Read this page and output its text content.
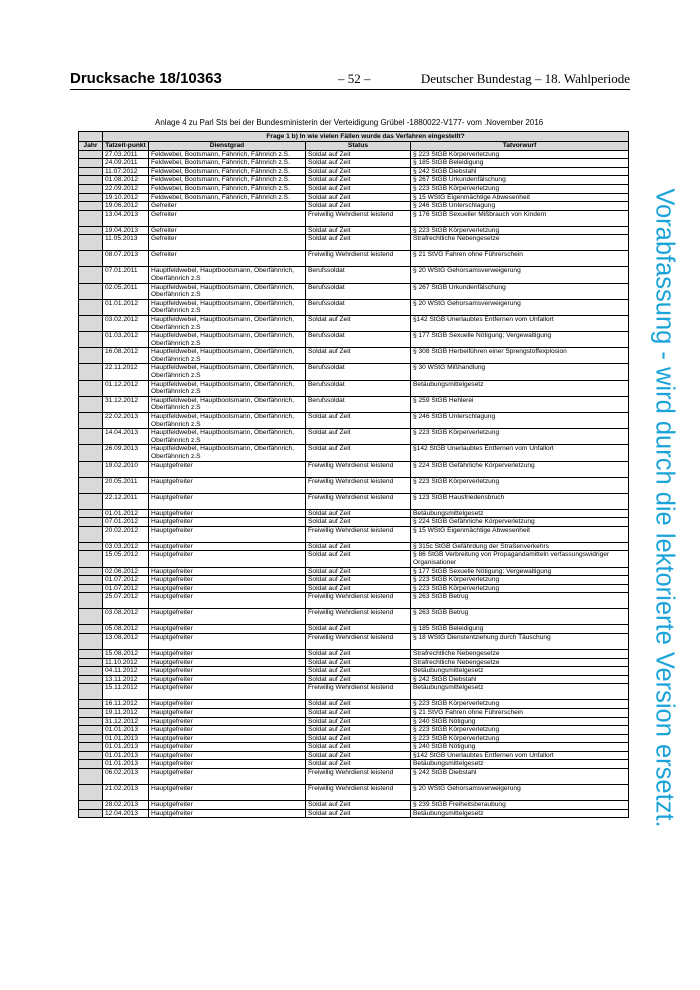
Drucksache 18/10363	– 52 –	Deutscher Bundestag – 18. Wahlperiode
Anlage 4 zu Parl Sts bei der Bundesministerin der Verteidigung Grübel -1880022-V177- vom .November 2016
	Frage 1 b) In wie vielen Fällen wurde das Verfahren eingestellt?			
Jahr	Tatzeit-punkt	Dienstgrad	Status	Tatvorwurf
	27.03.2011	Feldwebel, Bootsmann, Fähnrich, Fähnrich z.S.	Soldat auf Zeit	§ 223 StGB Körperverletzung
	24.09.2011	Feldwebel, Bootsmann, Fähnrich, Fähnrich z.S.	Soldat auf Zeit	§ 185 StGB Beleidigung
	11.07.2012	Feldwebel, Bootsmann, Fähnrich, Fähnrich z.S.	Soldat auf Zeit	§ 242 StGB Diebstahl
	01.08.2012	Feldwebel, Bootsmann, Fähnrich, Fähnrich z.S.	Soldat auf Zeit	§ 267 StGB Urkundenfälschung
	22.09.2012	Feldwebel, Bootsmann, Fähnrich, Fähnrich z.S.	Soldat auf Zeit	§ 223 StGB Körperverletzung
	19.10.2012	Feldwebel, Bootsmann, Fähnrich, Fähnrich z.S.	Soldat auf Zeit	§ 15 WStG Eigenmächtige Abwesenheit
	19.06.2012	Gefreiter	Soldat auf Zeit	§ 246 StGB Unterschlagung
	13.04.2013	Gefreiter	Freiwillig Wehrdienst leistend	§ 176 StGB Sexueller Mißbrauch von Kindern
	19.04.2013	Gefreiter	Soldat auf Zeit	§ 223 StGB Körperverletzung
	11.05.2013	Gefreiter	Soldat auf Zeit	Strafrechtliche Nebengesetze
	08.07.2013	Gefreiter	Freiwillig Wehrdienst leistend	§ 21 StVG Fahren ohne Führerschein
	07.01.2011	Hauptfeldwebel, Hauptbootsmann, Oberfähnrich, Oberfähnrich z.S	Berufssoldat	§ 20 WStG Gehorsamsverweigerung
	02.05.2011	Hauptfeldwebel, Hauptbootsmann, Oberfähnrich, Oberfähnrich z.S	Berufssoldat	§ 267 StGB Urkundenfälschung
	01.01.2012	Hauptfeldwebel, Hauptbootsmann, Oberfähnrich, Oberfähnrich z.S	Berufssoldat	§ 20 WStG Gehorsamsverweigerung
	03.02.2012	Hauptfeldwebel, Hauptbootsmann, Oberfähnrich, Oberfähnrich z.S	Soldat auf Zeit	§142 StGB Unerlaubtes Entfernen vom Unfallort
	01.03.2012	Hauptfeldwebel, Hauptbootsmann, Oberfähnrich, Oberfähnrich z.S	Berufssoldat	§ 177 StGB Sexuelle Nötigung; Vergewaltigung
	16.08.2012	Hauptfeldwebel, Hauptbootsmann, Oberfähnrich, Oberfähnrich z.S	Soldat auf Zeit	§ 308 StGB Herbeiführen einer Sprengstoffexplosion
	22.11.2012	Hauptfeldwebel, Hauptbootsmann, Oberfähnrich, Oberfähnrich z.S	Berufssoldat	§ 30 WStG Mißhandlung
	01.12.2012	Hauptfeldwebel, Hauptbootsmann, Oberfähnrich, Oberfähnrich z.S	Berufssoldat	Betäubungsmittelgesetz
	31.12.2012	Hauptfeldwebel, Hauptbootsmann, Oberfähnrich, Oberfähnrich z.S	Berufssoldat	§ 259 StGB Hehlerei
	22.02.2013	Hauptfeldwebel, Hauptbootsmann, Oberfähnrich, Oberfähnrich z.S	Soldat auf Zeit	§ 246 StGB Unterschlagung
	14.04.2013	Hauptfeldwebel, Hauptbootsmann, Oberfähnrich, Oberfähnrich z.S	Soldat auf Zeit	§ 223 StGB Körperverletzung
	26.09.2013	Hauptfeldwebel, Hauptbootsmann, Oberfähnrich, Oberfähnrich z.S	Soldat auf Zeit	§142 StGB Unerlaubtes Entfernen vom Unfallort
	19.02.2010	Hauptgefreiter	Freiwillig Wehrdienst leistend	§ 224 StGB Gefährliche Körperverletzung
	20.05.2011	Hauptgefreiter	Freiwillig Wehrdienst leistend	§ 223 StGB Körperverletzung
	22.12.2011	Hauptgefreiter	Freiwillig Wehrdienst leistend	§ 123 StGB Hausfriedensbruch
	01.01.2012	Hauptgefreiter	Soldat auf Zeit	Betäubungsmittelgesetz
	07.01.2012	Hauptgefreiter	Soldat auf Zeit	§ 224 StGB Gefährliche Körperverletzung
	20.02.2012	Hauptgefreiter	Freiwillig Wehrdienst leistend	§ 15 WStG Eigenmächtige Abwesenheit
	03.03.2012	Hauptgefreiter	Soldat auf Zeit	§ 315c StGB Gefährdung der Straßenverkehrs
	15.05.2012	Hauptgefreiter	Soldat auf Zeit	§ 86 StGB Verbreitung von Propagandamitteln verfassungswidriger Organisationer
	02.06.2012	Hauptgefreiter	Soldat auf Zeit	§ 177 StGB Sexuelle Nötigung; Vergewaltigung
	01.07.2012	Hauptgefreiter	Soldat auf Zeit	§ 223 StGB Körperverletzung
	01.07.2012	Hauptgefreiter	Soldat auf Zeit	§ 223 StGB Körperverletzung
	25.07.2012	Hauptgefreiter	Freiwillig Wehrdienst leistend	§ 263 StGB Betrug
	03.08.2012	Hauptgefreiter	Freiwillig Wehrdienst leistend	§ 263 StGB Betrug
	05.08.2012	Hauptgefreiter	Soldat auf Zeit	§ 185 StGB Beleidigung
	13.08.2012	Hauptgefreiter	Freiwillig Wehrdienst leistend	§ 18 WStG Dienstentziehung durch Täuschung
	15.08.2012	Hauptgefreiter	Soldat auf Zeit	Strafrechtliche Nebengesetze
	11.10.2012	Hauptgefreiter	Soldat auf Zeit	Strafrechtliche Nebengesetze
	04.11.2012	Hauptgefreiter	Soldat auf Zeit	Betäubungsmittelgesetz
	13.11.2012	Hauptgefreiter	Soldat auf Zeit	§ 242 StGB Diebstahl
	15.11.2012	Hauptgefreiter	Freiwillig Wehrdienst leistend	Betäubungsmittelgesetz
	16.11.2012	Hauptgefreiter	Soldat auf Zeit	§ 223 StGB Körperverletzung
	19.11.2012	Hauptgefreiter	Soldat auf Zeit	§ 21 StVG Fahren ohne Führerschein
	31.12.2012	Hauptgefreiter	Soldat auf Zeit	§ 240 StGB Nötigung
	01.01.2013	Hauptgefreiter	Soldat auf Zeit	§ 223 StGB Körperverletzung
	01.01.2013	Hauptgefreiter	Soldat auf Zeit	§ 223 StGB Körperverletzung
	01.01.2013	Hauptgefreiter	Soldat auf Zeit	§ 240 StGB Nötigung
	01.01.2013	Hauptgefreiter	Soldat auf Zeit	§142 StGB Unerlaubtes Entfernen vom Unfallort
	01.01.2013	Hauptgefreiter	Soldat auf Zeit	Betäubungsmittelgesetz
	06.02.2013	Hauptgefreiter	Freiwillig Wehrdienst leistend	§ 242 StGB Diebstahl
	21.02.2013	Hauptgefreiter	Freiwillig Wehrdienst leistend	§ 20 WStG Gehorsamsverweigerung
	28.02.2013	Hauptgefreiter	Soldat auf Zeit	§ 239 StGB Freiheitsberaubung
	12.04.2013	Hauptgefreiter	Soldat auf Zeit	Betäubungsmittelgesetz	Vorabfassung - wird durch die lektorierte Version ersetzt.
